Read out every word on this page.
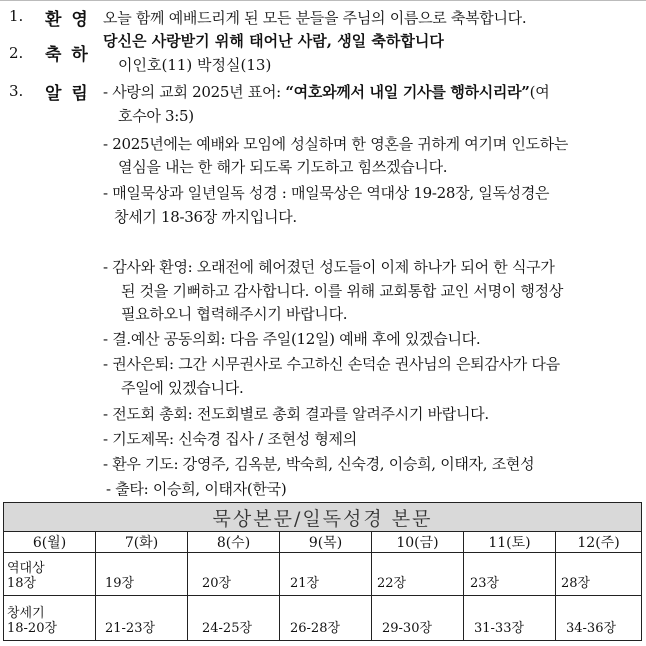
1. 환 영 오늘 함께 예배드리게 된 모든 분들을 주님의 이름으로 축복합니다.
2. 축 하
당신은 사랑받기 위해 태어난 사람, 생일 축하합니다
이인호(11) 박정실(13)
3. 알 림 - 사랑의 교회 2025년 표어: “여호와께서 내일 기사를 행하시리라”(여
호수아 3:5)
- 2025년에는 예배와 모임에 성실하며 한 영혼을 귀하게 여기며 인도하는
열심을 내는 한 해가 되도록 기도하고 힘쓰겠습니다.
- 매일묵상과 일년일독 성경 : 매일묵상은 역대상 19-28장, 일독성경은
창세기 18-36장 까지입니다.
- 감사와 환영: 오래전에 헤어졌던 성도들이 이제 하나가 되어 한 식구가
된 것을 기뻐하고 감사합니다. 이를 위해 교회통합 교인 서명이 행정상
필요하오니 협력해주시기 바랍니다.
- 결.예산 공동의회: 다음 주일(12일) 예배 후에 있겠습니다.
- 권사은퇴: 그간 시무권사로 수고하신 손덕순 권사님의 은퇴감사가 다음
주일에 있겠습니다.
- 전도회 총회: 전도회별로 총회 결과를 알려주시기 바랍니다.
- 기도제목: 신숙경 집사 / 조현성 형제의
- 환우 기도: 강영주, 김옥분, 박숙희, 신숙경, 이승희, 이태자, 조현성
- 출타: 이승희, 이태자(한국)
묵상본문/일독성경 본문						
6(월)	7(화)	8(수)	9(목)	10(금)	11(토)	12(주)

역대상
18장	19장	20장	21장	22장	23장	28장

창세기
18-20장	21-23장	24-25장	26-28장	29-30장	31-33장	34-36장
